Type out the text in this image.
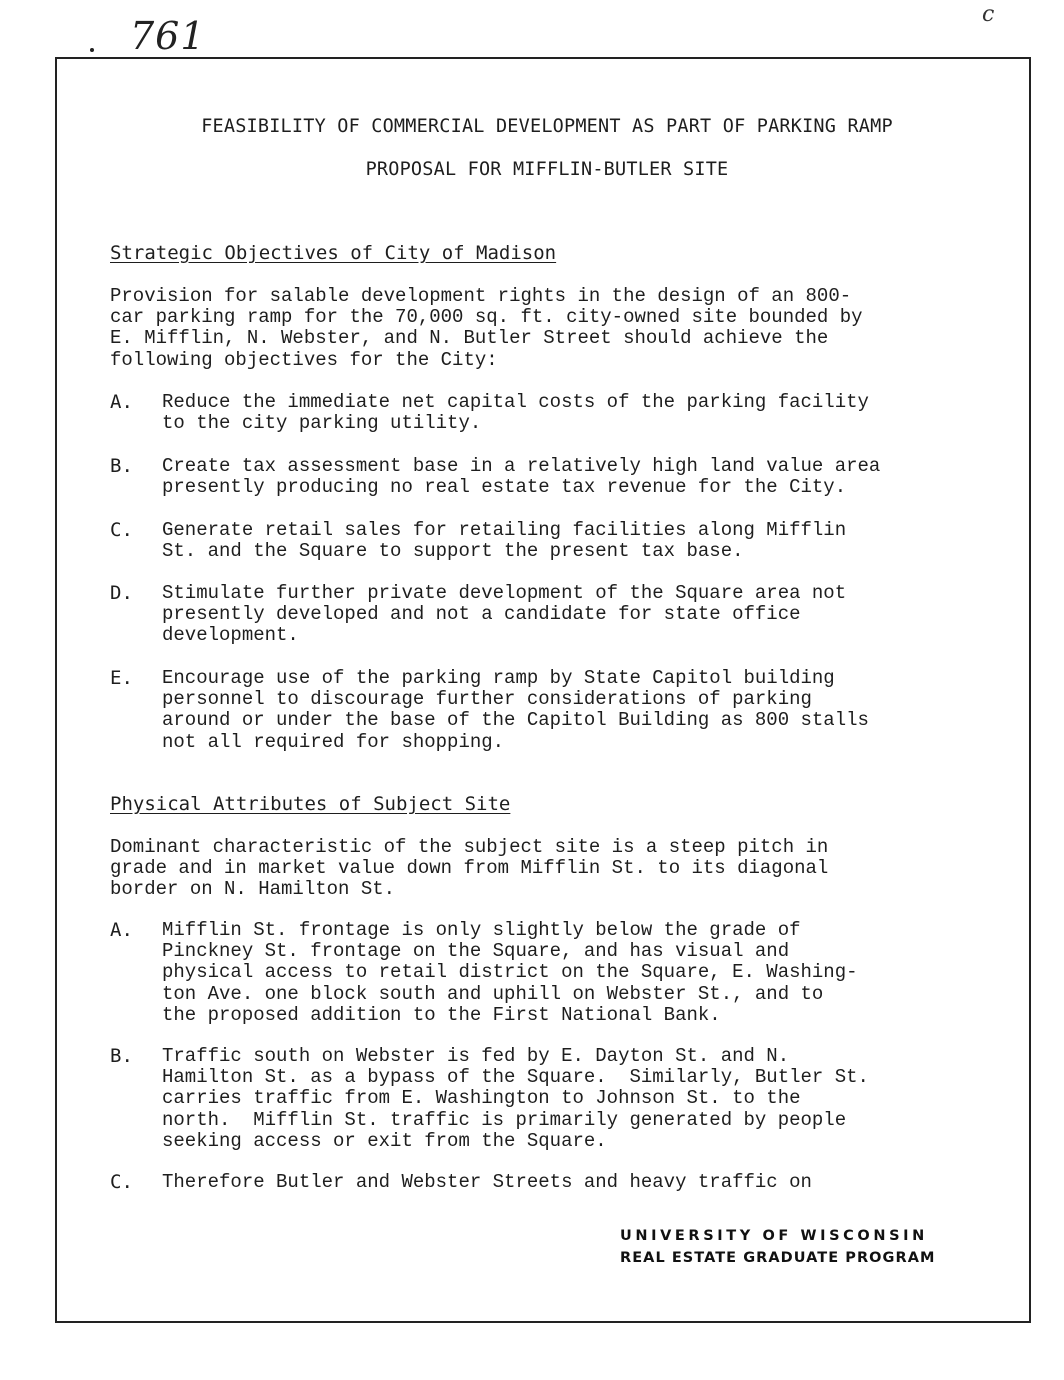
761	c
FEASIBILITY OF COMMERCIAL DEVELOPMENT AS PART OF PARKING RAMP
PROPOSAL FOR MIFFLIN-BUTLER SITE
Strategic Objectives of City of Madison
Provision for salable development rights in the design of an 800-
car parking ramp for the 70,000 sq. ft. city-owned site bounded by
E. Mifflin, N. Webster, and N. Butler Street should achieve the
following objectives for the City:
A. Reduce the immediate net capital costs of the parking facility
to the city parking utility.
B. Create tax assessment base in a relatively high land value area
presently producing no real estate tax revenue for the City.
C. Generate retail sales for retailing facilities along Mifflin
St. and the Square to support the present tax base.
D. Stimulate further private development of the Square area not
presently developed and not a candidate for state office
development.
E. Encourage use of the parking ramp by State Capitol building
personnel to discourage further considerations of parking
around or under the base of the Capitol Building as 800 stalls
not all required for shopping.
Physical Attributes of Subject Site
Dominant characteristic of the subject site is a steep pitch in
grade and in market value down from Mifflin St. to its diagonal
border on N. Hamilton St.
A. Mifflin St. frontage is only slightly below the grade of
Pinckney St. frontage on the Square, and has visual and
physical access to retail district on the Square, E. Washing-
ton Ave. one block south and uphill on Webster St., and to
the proposed addition to the First National Bank.
B. Traffic south on Webster is fed by E. Dayton St. and N.
Hamilton St. as a bypass of the Square.  Similarly, Butler St.
carries traffic from E. Washington to Johnson St. to the
north.  Mifflin St. traffic is primarily generated by people
seeking access or exit from the Square.
C. Therefore Butler and Webster Streets and heavy traffic on
UNIVERSITY OF WISCONSIN
REAL ESTATE GRADUATE PROGRAM
